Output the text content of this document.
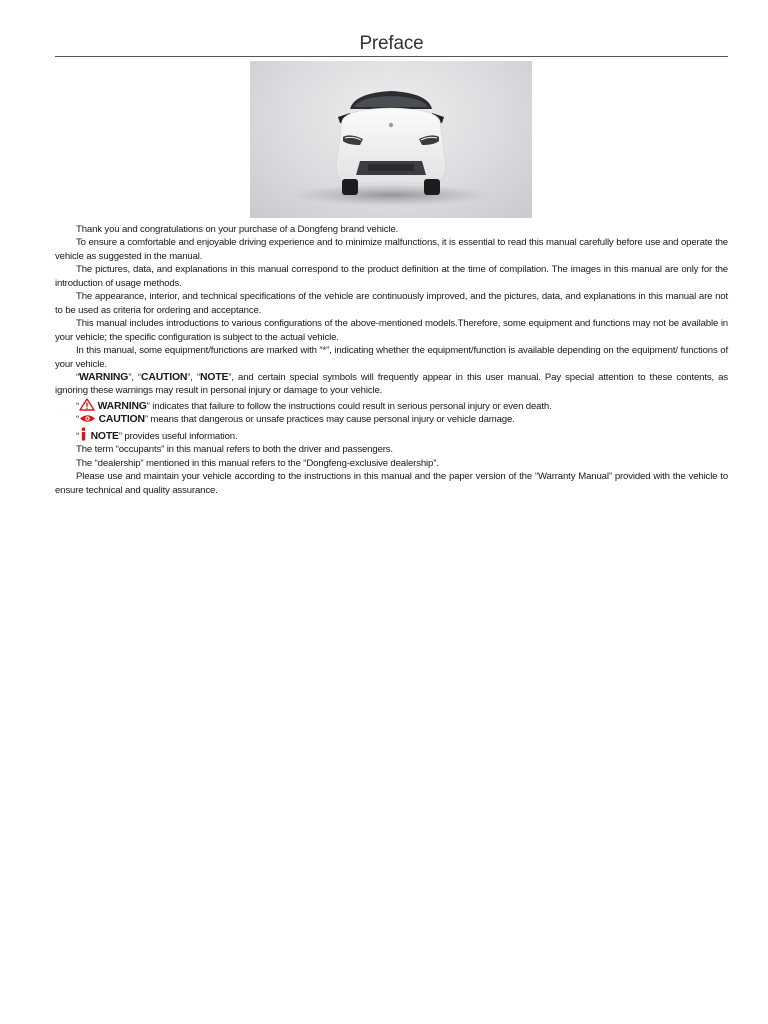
Preface

Thank you and congratulations on your purchase of a Dongfeng brand vehicle.

To ensure a comfortable and enjoyable driving experience and to minimize malfunctions, it is essential to read this manual carefully before use and operate the vehicle as suggested in the manual.

The pictures, data, and explanations in this manual correspond to the product definition at the time of compilation. The images in this manual are only for the introduction of usage methods.

The appearance, interior, and technical specifications of the vehicle are continuously improved, and the pictures, data, and explanations in this manual are not to be used as criteria for ordering and acceptance.

This manual includes introductions to various configurations of the above-mentioned models.Therefore, some equipment and functions may not be available in your vehicle; the specific configuration is subject to the actual vehicle.

In this manual, some equipment/functions are marked with “*”, indicating whether the equipment/function is available depending on the equipment/ functions of your vehicle.

“WARNING”, “CAUTION”, “NOTE”, and certain special symbols will frequently appear in this user manual. Pay special attention to these contents, as ignoring these warnings may result in personal injury or damage to your vehicle.

“ WARNING” indicates that failure to follow the instructions could result in serious personal injury or even death.

“ CAUTION” means that dangerous or unsafe practices may cause personal injury or vehicle damage.

“ NOTE” provides useful information.

The term “occupants” in this manual refers to both the driver and passengers.

The “dealership” mentioned in this manual refers to the “Dongfeng-exclusive dealership”.

Please use and maintain your vehicle according to the instructions in this manual and the paper version of the “Warranty Manual” provided with the vehicle to ensure technical and quality assurance.
